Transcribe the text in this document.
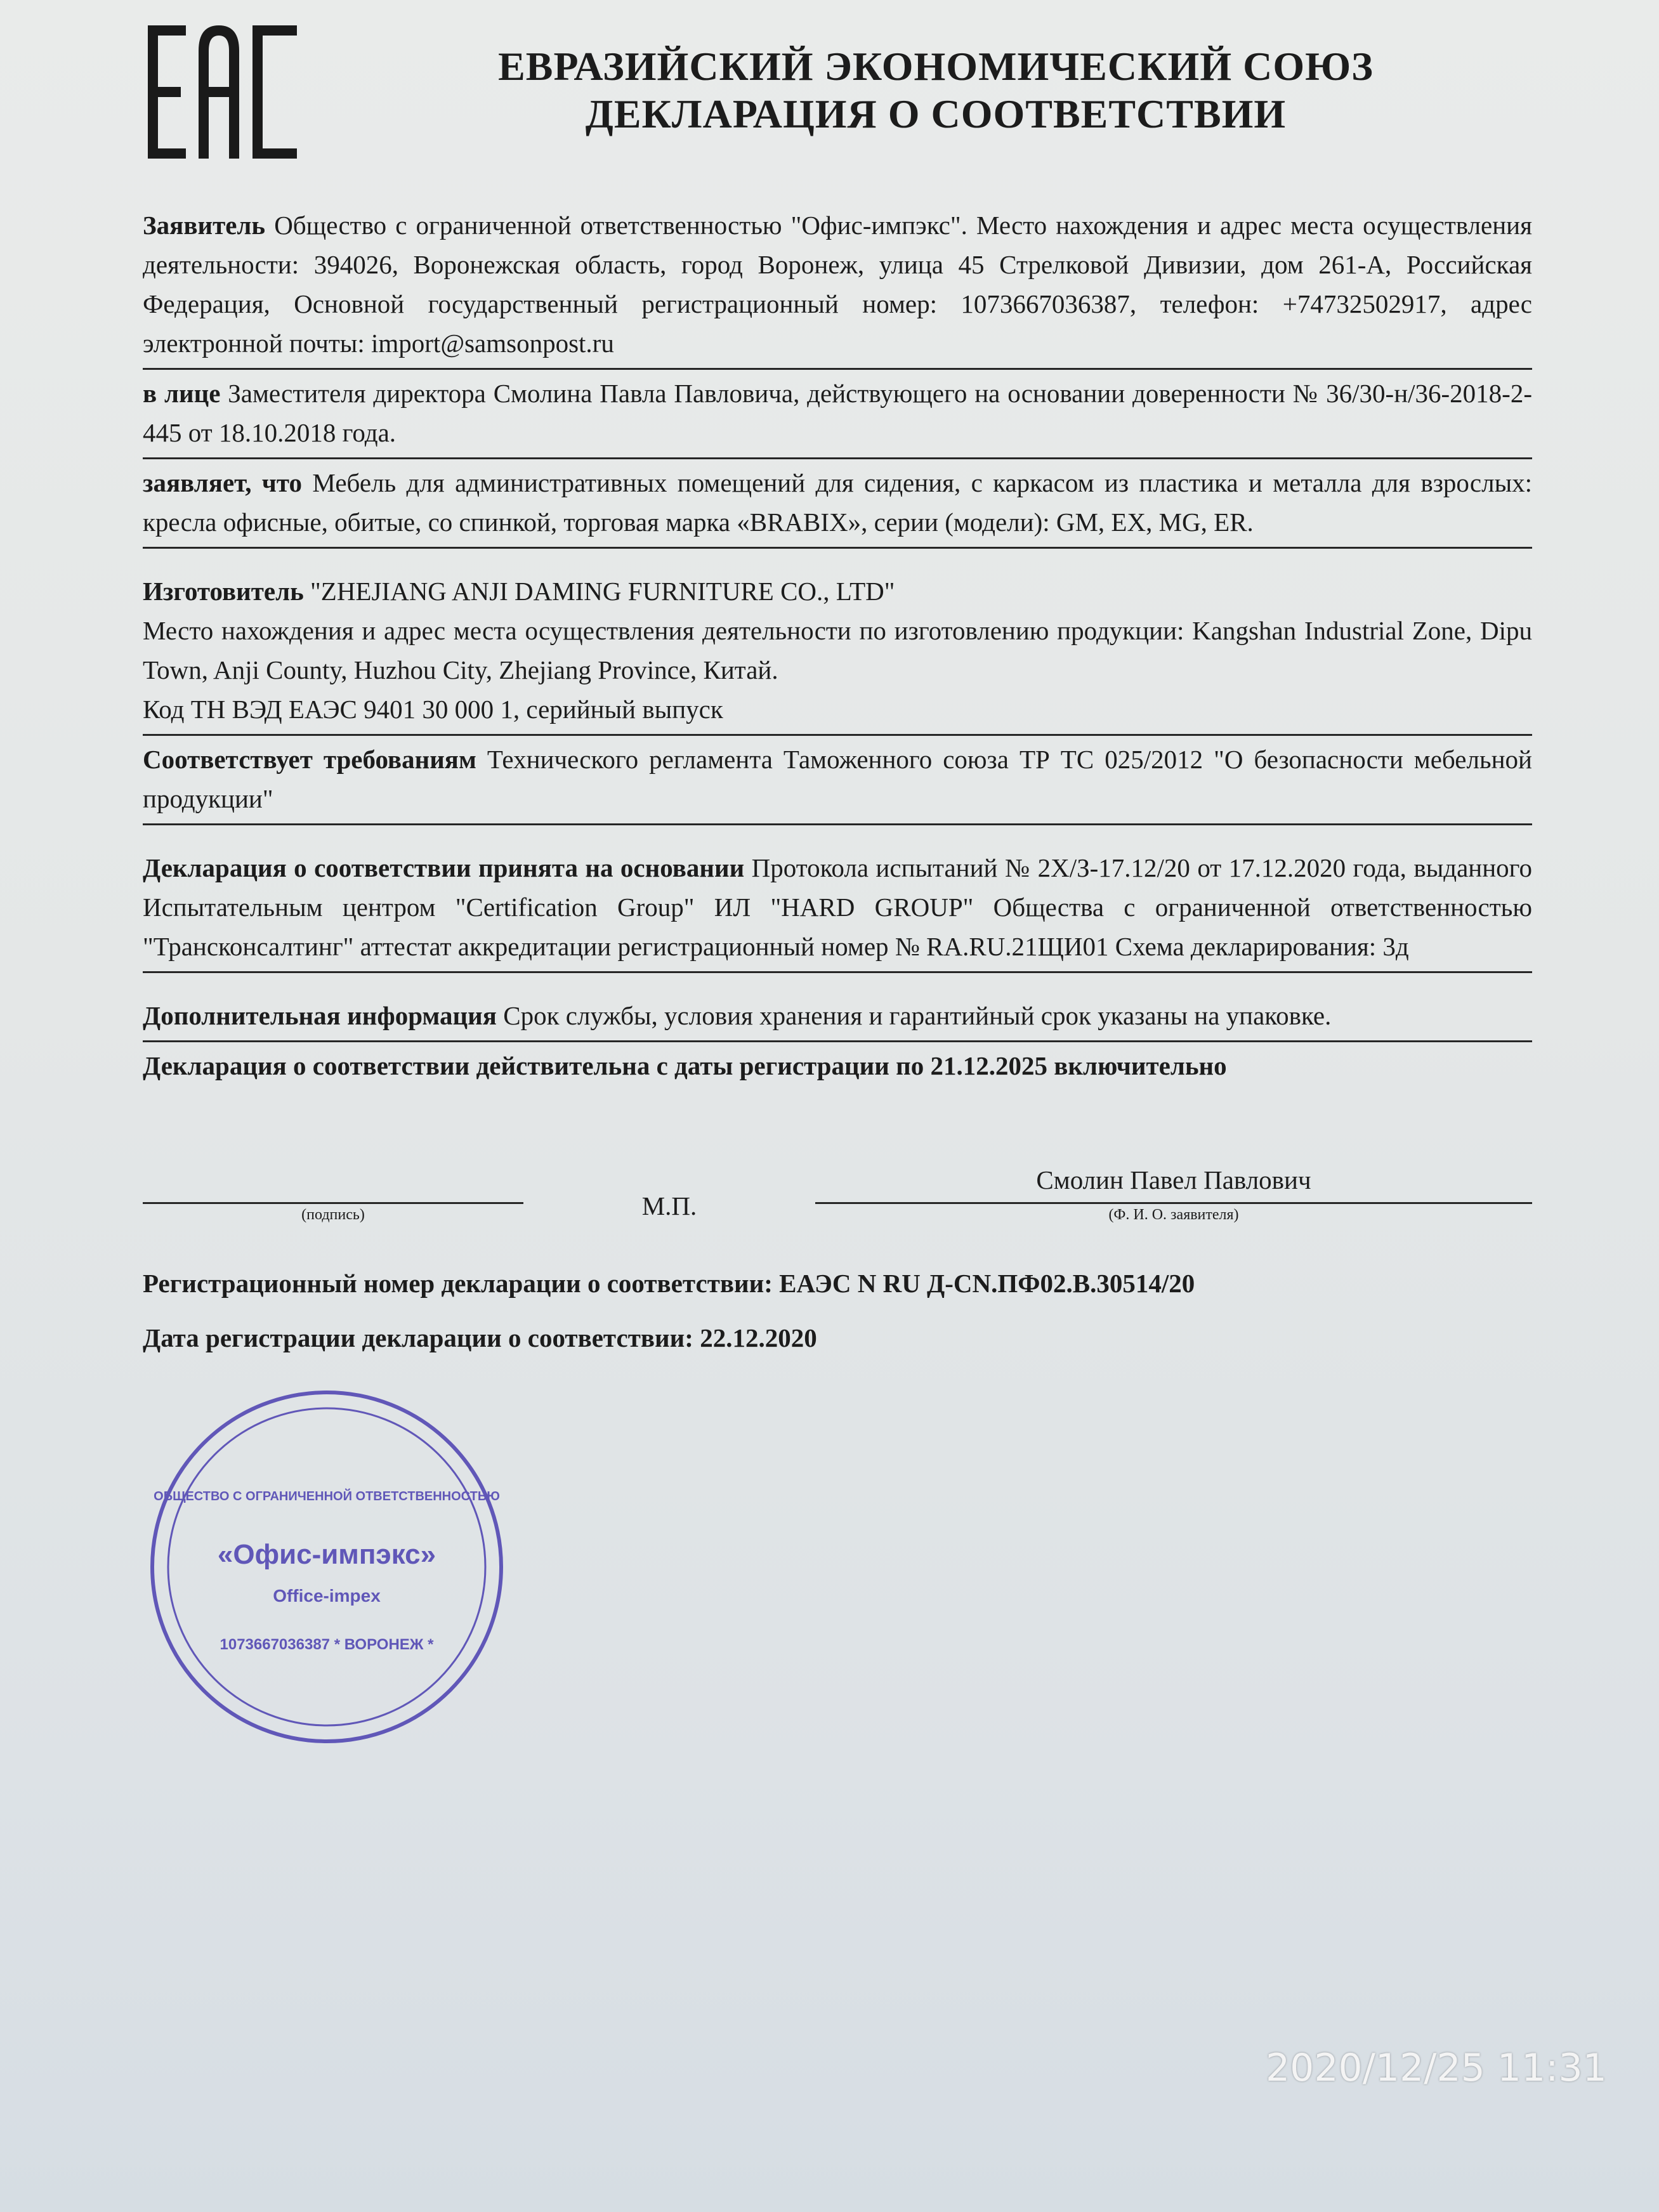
ЕВРАЗИЙСКИЙ ЭКОНОМИЧЕСКИЙ СОЮЗ
ДЕКЛАРАЦИЯ О СООТВЕТСТВИИ
Заявитель Общество с ограниченной ответственностью "Офис-импэкс". Место нахождения и адрес места осуществления деятельности: 394026, Воронежская область, город Воронеж, улица 45 Стрелковой Дивизии, дом 261-А, Российская Федерация, Основной государственный регистрационный номер: 1073667036387, телефон: +74732502917, адрес электронной почты: import@samsonpost.ru
в лице Заместителя директора Смолина Павла Павловича, действующего на основании доверенности № 36/30-н/36-2018-2-445 от 18.10.2018 года.
заявляет, что Мебель для административных помещений для сидения, с каркасом из пластика и металла для взрослых: кресла офисные, обитые, со спинкой, торговая марка «BRABIX», серии (модели): GM, EX, MG, ER.
Изготовитель "ZHEJIANG ANJI DAMING FURNITURE CO., LTD"
Место нахождения и адрес места осуществления деятельности по изготовлению продукции: Kangshan Industrial Zone, Dipu Town, Anji County, Huzhou City, Zhejiang Province, Китай.
Код ТН ВЭД ЕАЭС 9401 30 000 1, серийный выпуск
Соответствует требованиям Технического регламента Таможенного союза ТР ТС 025/2012 "О безопасности мебельной продукции"
Декларация о соответствии принята на основании Протокола испытаний № 2Х/З-17.12/20 от 17.12.2020 года, выданного Испытательным центром "Certification Group" ИЛ "HARD GROUP" Общества с ограниченной ответственностью "Трансконсалтинг" аттестат аккредитации регистрационный номер № RA.RU.21ЩИ01 Схема декларирования: 3д
Дополнительная информация Срок службы, условия хранения и гарантийный срок указаны на упаковке.
Декларация о соответствии действительна с даты регистрации по 21.12.2025 включительно
(подпись)	М.П.
Смолин Павел Павлович
(Ф. И. О. заявителя)
Регистрационный номер декларации о соответствии: ЕАЭС N RU Д-CN.ПФ02.В.30514/20
Дата регистрации декларации о соответствии: 22.12.2020
ОБЩЕСТВО С ОГРАНИЧЕННОЙ ОТВЕТСТВЕННОСТЬЮ
«Офис-импэкс»
Office-impex
1073667036387 * ВОРОНЕЖ *
2020/12/25 11:31
